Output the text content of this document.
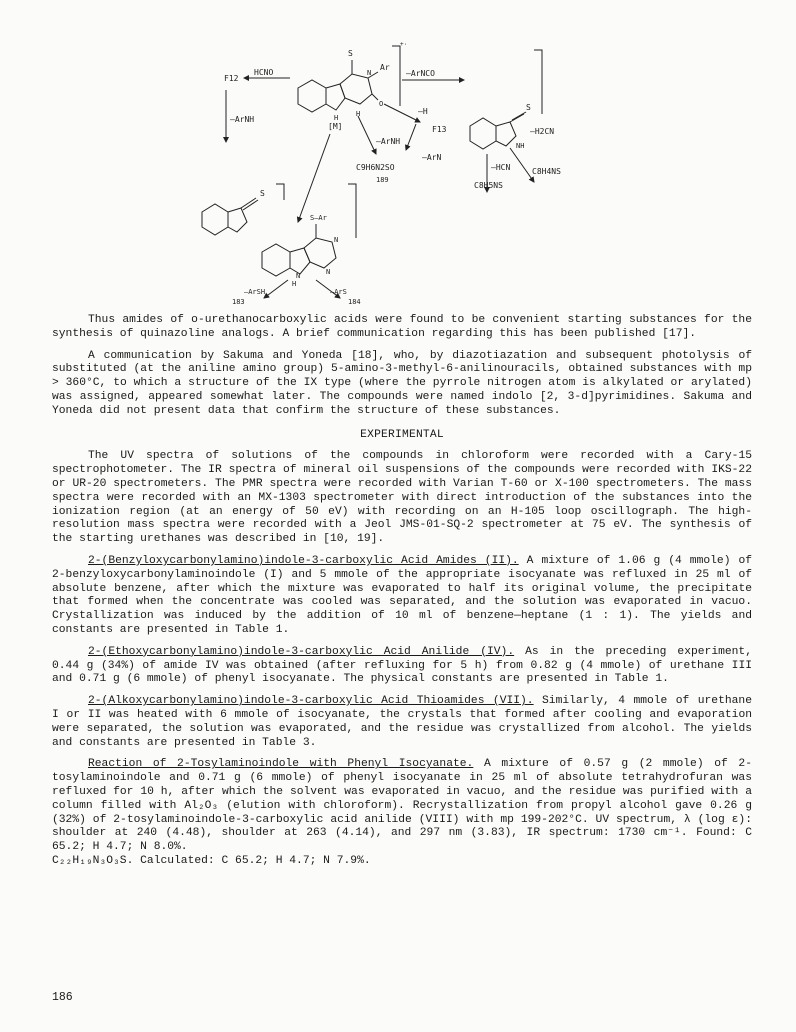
F12
HCNO
—ArNH
[M]
—ArNCO
—H
F13
—ArNH
—ArN
C9H6N2SO
189
—HCN
—H2CN
C8H5NS
C8H4NS
S
Ar
N
H	H
O	S
NH
S
S—Ar
N
N
H
N
—ArSH	—ArS
183	184
+·

Thus amides of o-urethanocarboxylic acids were found to be convenient starting substances for the synthesis of quinazoline analogs. A brief communication regarding this has been published [17].

A communication by Sakuma and Yoneda [18], who, by diazotiazation and subsequent photolysis of substituted (at the aniline amino group) 5-amino-3-methyl-6-anilinouracils, obtained substances with mp > 360°C, to which a structure of the IX type (where the pyrrole nitrogen atom is alkylated or arylated) was assigned, appeared somewhat later. The compounds were named indolo [2, 3-d]pyrimidines. Sakuma and Yoneda did not present data that confirm the structure of these substances.

EXPERIMENTAL

The UV spectra of solutions of the compounds in chloroform were recorded with a Cary-15 spectrophotometer. The IR spectra of mineral oil suspensions of the compounds were recorded with IKS-22 or UR-20 spectrometers. The PMR spectra were recorded with Varian T-60 or X-100 spectrometers. The mass spectra were recorded with an MX-1303 spectrometer with direct introduction of the substances into the ionization region (at an energy of 50 eV) with recording on an H-105 loop oscillograph. The high-resolution mass spectra were recorded with a Jeol JMS-01-SQ-2 spectrometer at 75 eV. The synthesis of the starting urethanes was described in [10, 19].

2-(Benzyloxycarbonylamino)indole-3-carboxylic Acid Amides (II). A mixture of 1.06 g (4 mmole) of 2-benzyloxycarbonylaminoindole (I) and 5 mmole of the appropriate isocyanate was refluxed in 25 ml of absolute benzene, after which the mixture was evaporated to half its original volume, the precipitate that formed when the concentrate was cooled was separated, and the solution was evaporated in vacuo. Crystallization was induced by the addition of 10 ml of benzene—heptane (1 : 1). The yields and constants are presented in Table 1.

2-(Ethoxycarbonylamino)indole-3-carboxylic Acid Anilide (IV). As in the preceding experiment, 0.44 g (34%) of amide IV was obtained (after refluxing for 5 h) from 0.82 g (4 mmole) of urethane III and 0.71 g (6 mmole) of phenyl isocyanate. The physical constants are presented in Table 1.

2-(Alkoxycarbonylamino)indole-3-carboxylic Acid Thioamides (VII). Similarly, 4 mmole of urethane I or II was heated with 6 mmole of isocyanate, the crystals that formed after cooling and evaporation were separated, the solution was evaporated, and the residue was crystallized from alcohol. The yields and constants are presented in Table 3.

Reaction of 2-Tosylaminoindole with Phenyl Isocyanate. A mixture of 0.57 g (2 mmole) of 2-tosylaminoindole and 0.71 g (6 mmole) of phenyl isocyanate in 25 ml of absolute tetrahydrofuran was refluxed for 10 h, after which the solvent was evaporated in vacuo, and the residue was purified with a column filled with Al₂O₃ (elution with chloroform). Recrystallization from propyl alcohol gave 0.26 g (32%) of 2-tosylaminoindole-3-carboxylic acid anilide (VIII) with mp 199-202°C. UV spectrum, λ (log ε): shoulder at 240 (4.48), shoulder at 263 (4.14), and 297 nm (3.83), IR spectrum: 1730 cm⁻¹. Found: C 65.2; H 4.7; N 8.0%.

C₂₂H₁₉N₃O₃S. Calculated: C 65.2; H 4.7; N 7.9%.

186
